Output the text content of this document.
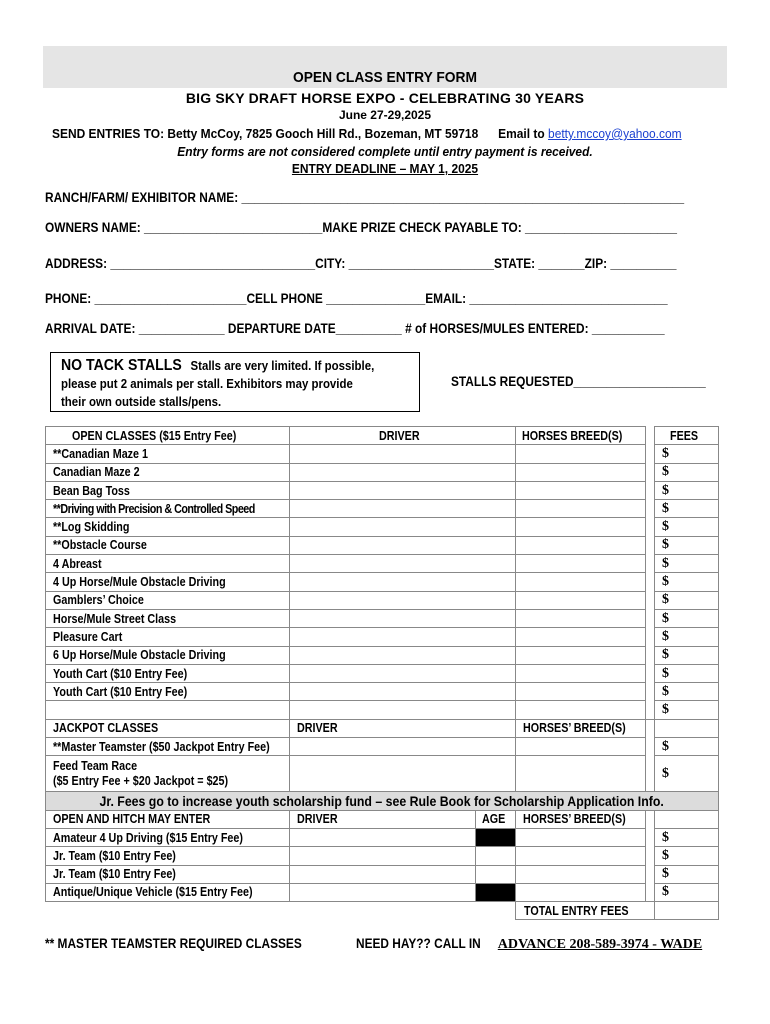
OPEN CLASS ENTRY FORM
BIG SKY DRAFT HORSE EXPO - CELEBRATING 30 YEARS
June 27-29,2025
SEND ENTRIES TO: Betty McCoy, 7825 Gooch Hill Rd., Bozeman, MT 59718 Email to betty.mccoy@yahoo.com
Entry forms are not considered complete until entry payment is received.
ENTRY DEADLINE – MAY 1, 2025
RANCH/FARM/ EXHIBITOR NAME: ___________________________________________________________________
OWNERS NAME: ___________________________MAKE PRIZE CHECK PAYABLE TO: _______________________
ADDRESS: _______________________________CITY: ______________________STATE: _______ZIP: __________
PHONE: _______________________CELL PHONE _______________EMAIL: ______________________________
ARRIVAL DATE: _____________ DEPARTURE DATE__________ # of HORSES/MULES ENTERED: ___________
NO TACK STALLS Stalls are very limited. If possible,
please put 2 animals per stall. Exhibitors may provide
their own outside stalls/pens.
STALLS REQUESTED____________________
OPEN CLASSES ($15 Entry Fee)	DRIVER		HORSES BREED(S)		FEES
**Canadian Maze 1					$
Canadian Maze 2					$
Bean Bag Toss					$
**Driving with Precision & Controlled Speed					$
**Log Skidding					$
**Obstacle Course					$
4 Abreast					$
4 Up Horse/Mule Obstacle Driving					$
Gamblers’ Choice					$
Horse/Mule Street Class					$
Pleasure Cart					$
6 Up Horse/Mule Obstacle Driving					$
Youth Cart ($10 Entry Fee)					$
Youth Cart ($10 Entry Fee)					$
					$
JACKPOT CLASSES	DRIVER		HORSES’ BREED(S)		
**Master Teamster ($50 Jackpot Entry Fee)					$
Feed Team Race
($5 Entry Fee + $20 Jackpot = $25)					$
Jr. Fees go to increase youth scholarship fund – see Rule Book for Scholarship Application Info.					
OPEN AND HITCH MAY ENTER	DRIVER	AGE	HORSES’ BREED(S)		
Amateur 4 Up Driving ($15 Entry Fee)					$
Jr. Team ($10 Entry Fee)					$
Jr. Team ($10 Entry Fee)					$
Antique/Unique Vehicle ($15 Entry Fee)					$
			TOTAL ENTRY FEES		
** MASTER TEAMSTER REQUIRED CLASSES	NEED HAY?? CALL INADVANCE 208-589-3974 - WADE
